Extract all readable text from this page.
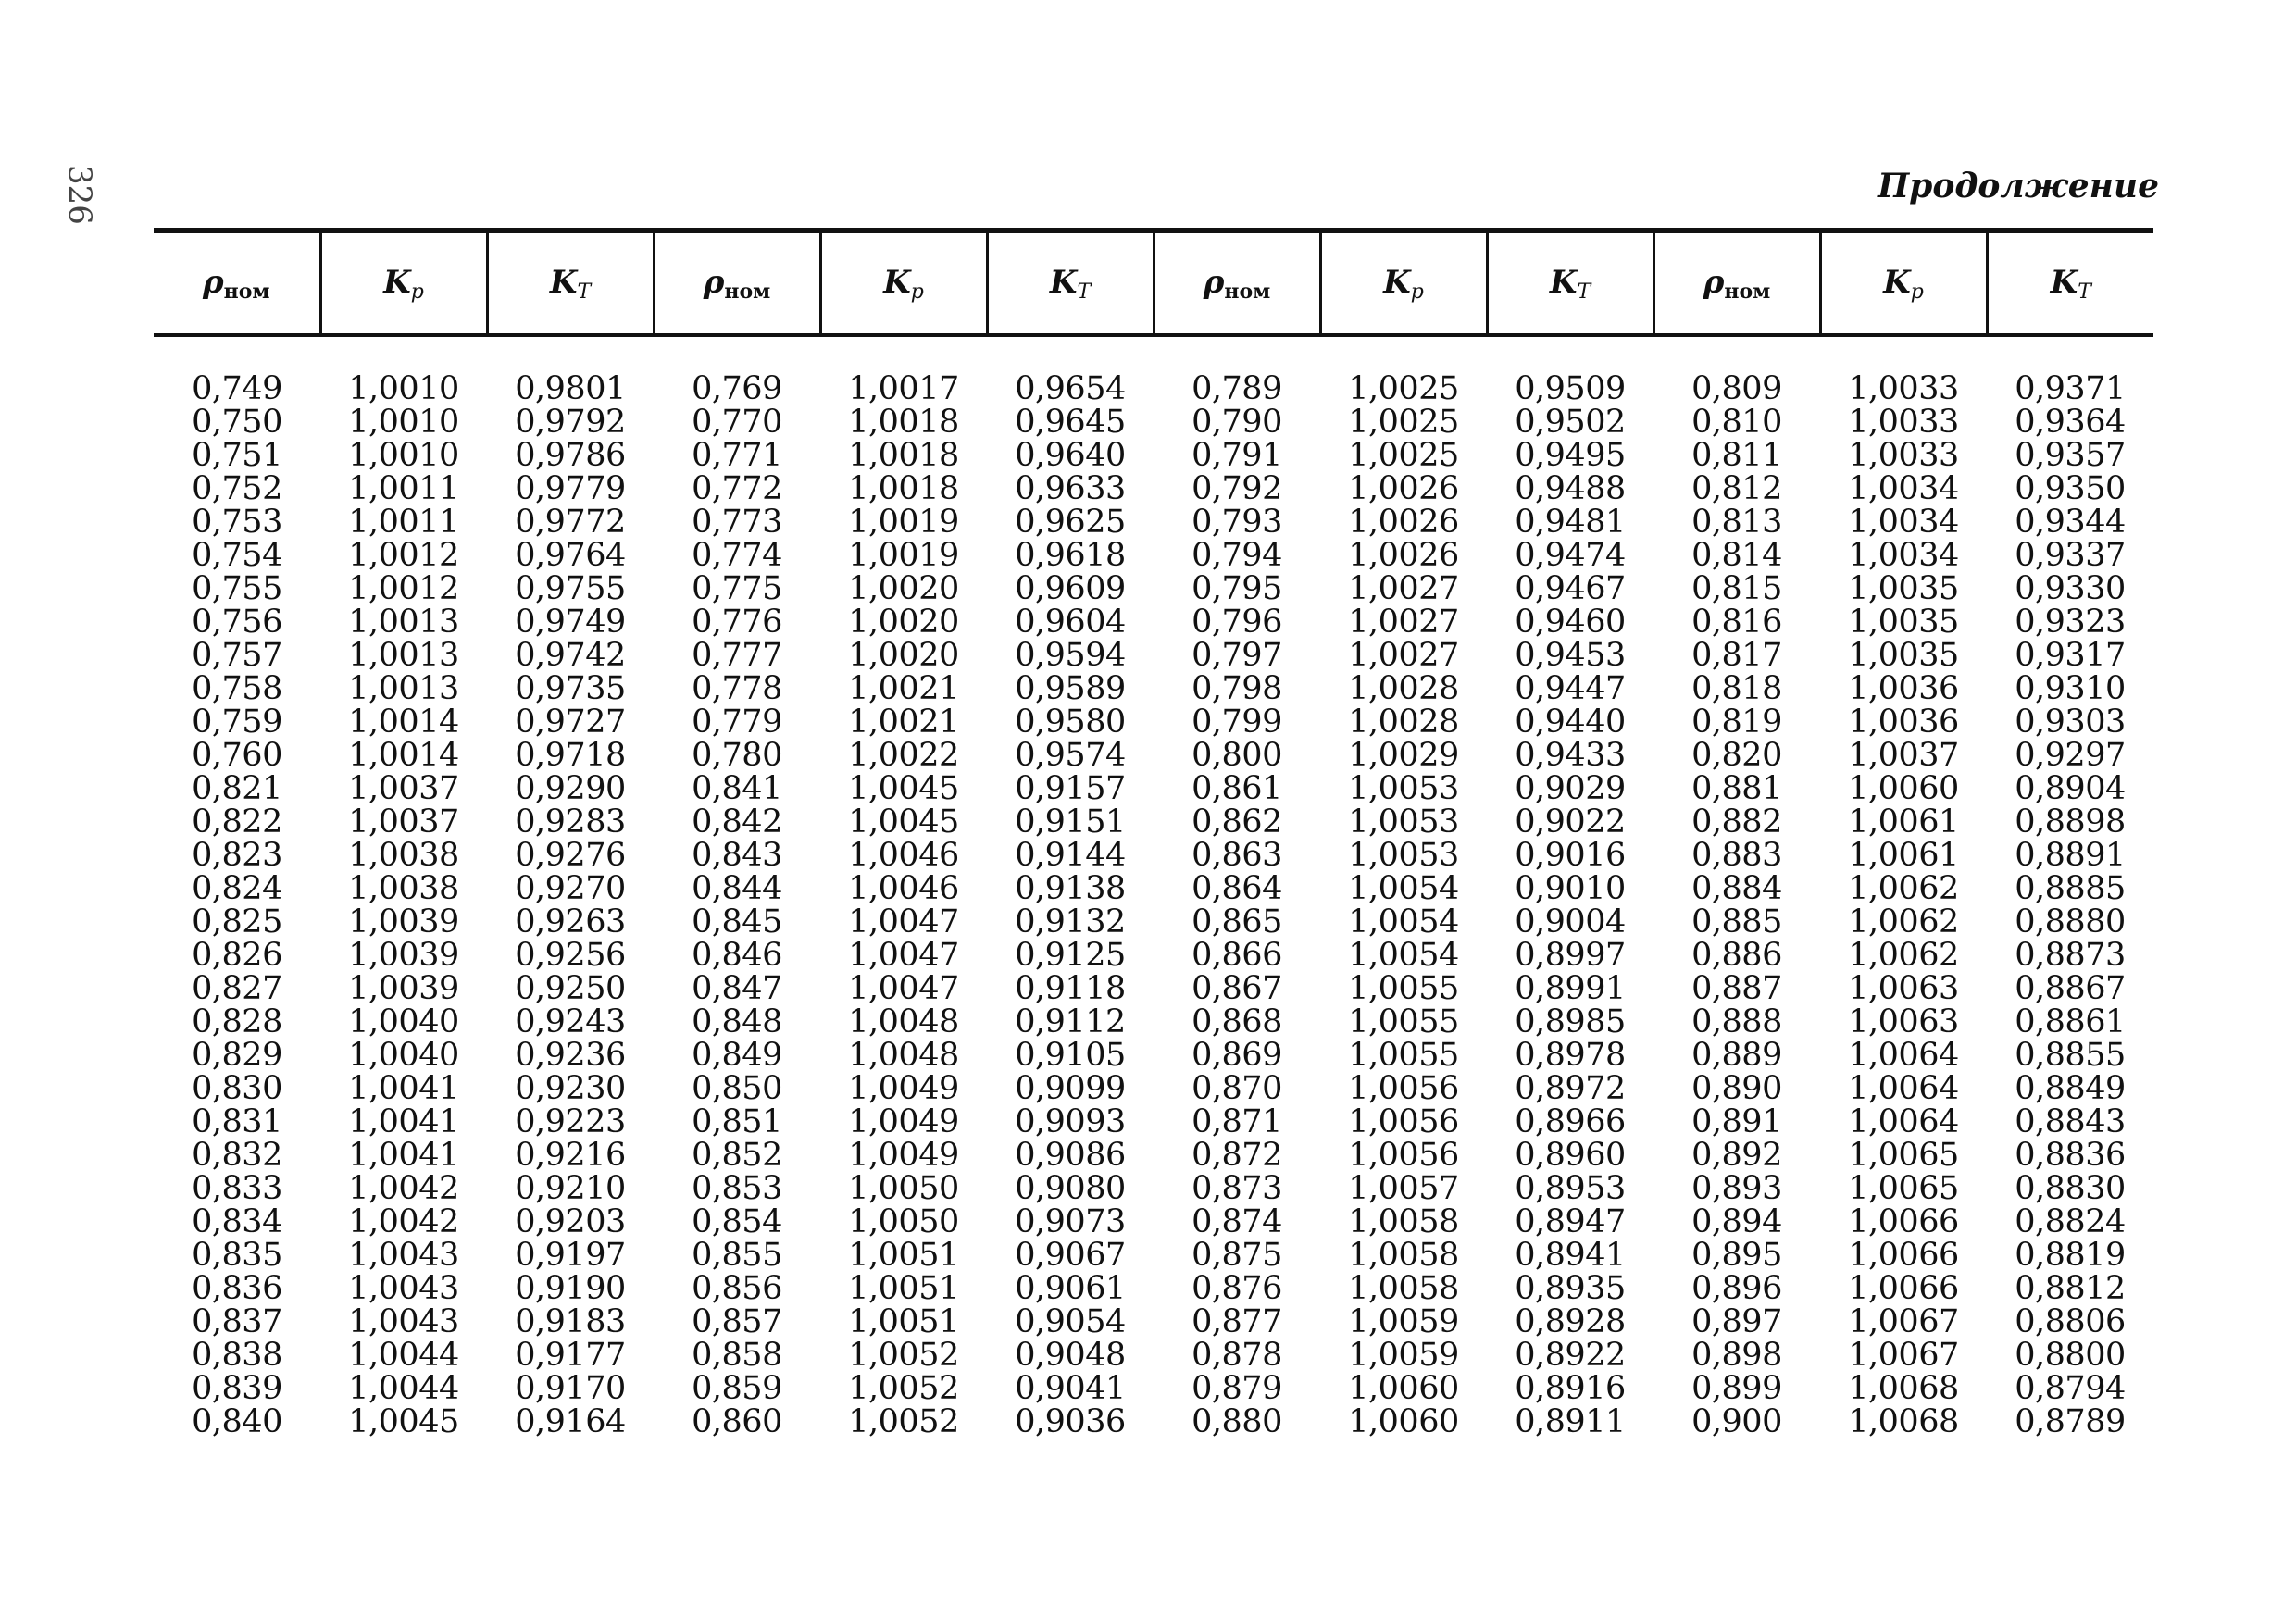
326	Продолжение
$\rho_{ном}$	Kp	KT	$\rho_{ном}$	Kp	KT	$\rho_{ном}$	Kp	KT	$\rho_{ном}$	Kp	KT
0,749	1,0010	0,9801	0,769	1,0017	0,9654	0,789	1,0025	0,9509	0,809	1,0033	0,9371
0,750	1,0010	0,9792	0,770	1,0018	0,9645	0,790	1,0025	0,9502	0,810	1,0033	0,9364
0,751	1,0010	0,9786	0,771	1,0018	0,9640	0,791	1,0025	0,9495	0,811	1,0033	0,9357
0,752	1,0011	0,9779	0,772	1,0018	0,9633	0,792	1,0026	0,9488	0,812	1,0034	0,9350
0,753	1,0011	0,9772	0,773	1,0019	0,9625	0,793	1,0026	0,9481	0,813	1,0034	0,9344
0,754	1,0012	0,9764	0,774	1,0019	0,9618	0,794	1,0026	0,9474	0,814	1,0034	0,9337
0,755	1,0012	0,9755	0,775	1,0020	0,9609	0,795	1,0027	0,9467	0,815	1,0035	0,9330
0,756	1,0013	0,9749	0,776	1,0020	0,9604	0,796	1,0027	0,9460	0,816	1,0035	0,9323
0,757	1,0013	0,9742	0,777	1,0020	0,9594	0,797	1,0027	0,9453	0,817	1,0035	0,9317
0,758	1,0013	0,9735	0,778	1,0021	0,9589	0,798	1,0028	0,9447	0,818	1,0036	0,9310
0,759	1,0014	0,9727	0,779	1,0021	0,9580	0,799	1,0028	0,9440	0,819	1,0036	0,9303
0,760	1,0014	0,9718	0,780	1,0022	0,9574	0,800	1,0029	0,9433	0,820	1,0037	0,9297
0,821	1,0037	0,9290	0,841	1,0045	0,9157	0,861	1,0053	0,9029	0,881	1,0060	0,8904
0,822	1,0037	0,9283	0,842	1,0045	0,9151	0,862	1,0053	0,9022	0,882	1,0061	0,8898
0,823	1,0038	0,9276	0,843	1,0046	0,9144	0,863	1,0053	0,9016	0,883	1,0061	0,8891
0,824	1,0038	0,9270	0,844	1,0046	0,9138	0,864	1,0054	0,9010	0,884	1,0062	0,8885
0,825	1,0039	0,9263	0,845	1,0047	0,9132	0,865	1,0054	0,9004	0,885	1,0062	0,8880
0,826	1,0039	0,9256	0,846	1,0047	0,9125	0,866	1,0054	0,8997	0,886	1,0062	0,8873
0,827	1,0039	0,9250	0,847	1,0047	0,9118	0,867	1,0055	0,8991	0,887	1,0063	0,8867
0,828	1,0040	0,9243	0,848	1,0048	0,9112	0,868	1,0055	0,8985	0,888	1,0063	0,8861
0,829	1,0040	0,9236	0,849	1,0048	0,9105	0,869	1,0055	0,8978	0,889	1,0064	0,8855
0,830	1,0041	0,9230	0,850	1,0049	0,9099	0,870	1,0056	0,8972	0,890	1,0064	0,8849
0,831	1,0041	0,9223	0,851	1,0049	0,9093	0,871	1,0056	0,8966	0,891	1,0064	0,8843
0,832	1,0041	0,9216	0,852	1,0049	0,9086	0,872	1,0056	0,8960	0,892	1,0065	0,8836
0,833	1,0042	0,9210	0,853	1,0050	0,9080	0,873	1,0057	0,8953	0,893	1,0065	0,8830
0,834	1,0042	0,9203	0,854	1,0050	0,9073	0,874	1,0058	0,8947	0,894	1,0066	0,8824
0,835	1,0043	0,9197	0,855	1,0051	0,9067	0,875	1,0058	0,8941	0,895	1,0066	0,8819
0,836	1,0043	0,9190	0,856	1,0051	0,9061	0,876	1,0058	0,8935	0,896	1,0066	0,8812
0,837	1,0043	0,9183	0,857	1,0051	0,9054	0,877	1,0059	0,8928	0,897	1,0067	0,8806
0,838	1,0044	0,9177	0,858	1,0052	0,9048	0,878	1,0059	0,8922	0,898	1,0067	0,8800
0,839	1,0044	0,9170	0,859	1,0052	0,9041	0,879	1,0060	0,8916	0,899	1,0068	0,8794
0,840	1,0045	0,9164	0,860	1,0052	0,9036	0,880	1,0060	0,8911	0,900	1,0068	0,8789
